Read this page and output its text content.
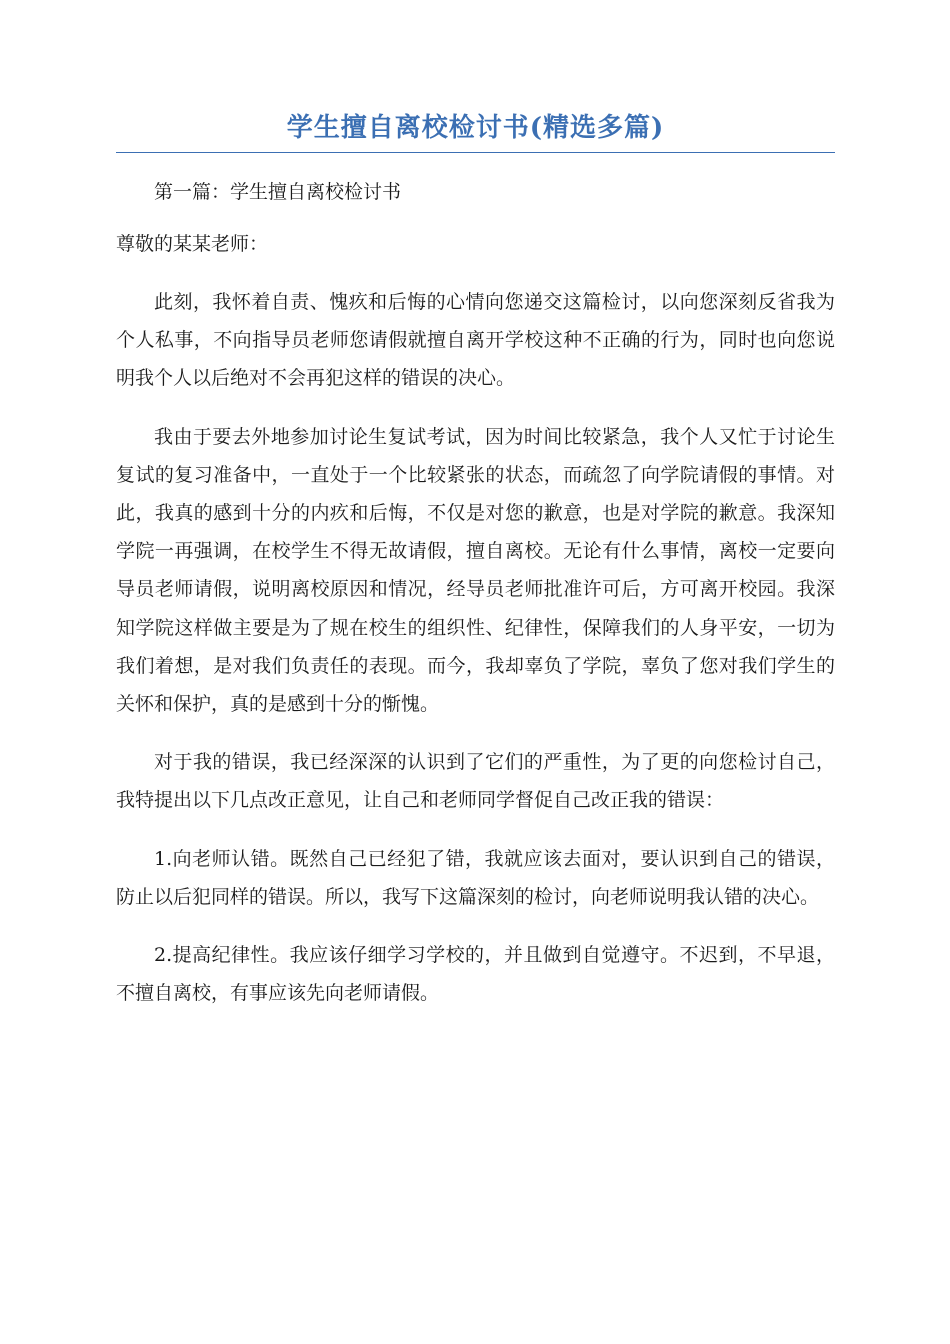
学生擅自离校检讨书(精选多篇)

第一篇：学生擅自离校检讨书

尊敬的某某老师：

此刻，我怀着自责、愧疚和后悔的心情向您递交这篇检讨，以向您深刻反省我为个人私事，不向指导员老师您请假就擅自离开学校这种不正确的行为，同时也向您说明我个人以后绝对不会再犯这样的错误的决心。

我由于要去外地参加讨论生复试考试，因为时间比较紧急，我个人又忙于讨论生复试的复习准备中，一直处于一个比较紧张的状态，而疏忽了向学院请假的事情。对此，我真的感到十分的内疚和后悔，不仅是对您的歉意，也是对学院的歉意。我深知学院一再强调，在校学生不得无故请假，擅自离校。无论有什么事情，离校一定要向导员老师请假，说明离校原因和情况，经导员老师批准许可后，方可离开校园。我深知学院这样做主要是为了规在校生的组织性、纪律性，保障我们的人身平安，一切为我们着想，是对我们负责任的表现。而今，我却辜负了学院，辜负了您对我们学生的关怀和保护，真的是感到十分的惭愧。

对于我的错误，我已经深深的认识到了它们的严重性，为了更的向您检讨自己，我特提出以下几点改正意见，让自己和老师同学督促自己改正我的错误：

1.向老师认错。既然自己已经犯了错，我就应该去面对，要认识到自己的错误，防止以后犯同样的错误。所以，我写下这篇深刻的检讨，向老师说明我认错的决心。

2.提高纪律性。我应该仔细学习学校的，并且做到自觉遵守。不迟到，不早退，不擅自离校，有事应该先向老师请假。
